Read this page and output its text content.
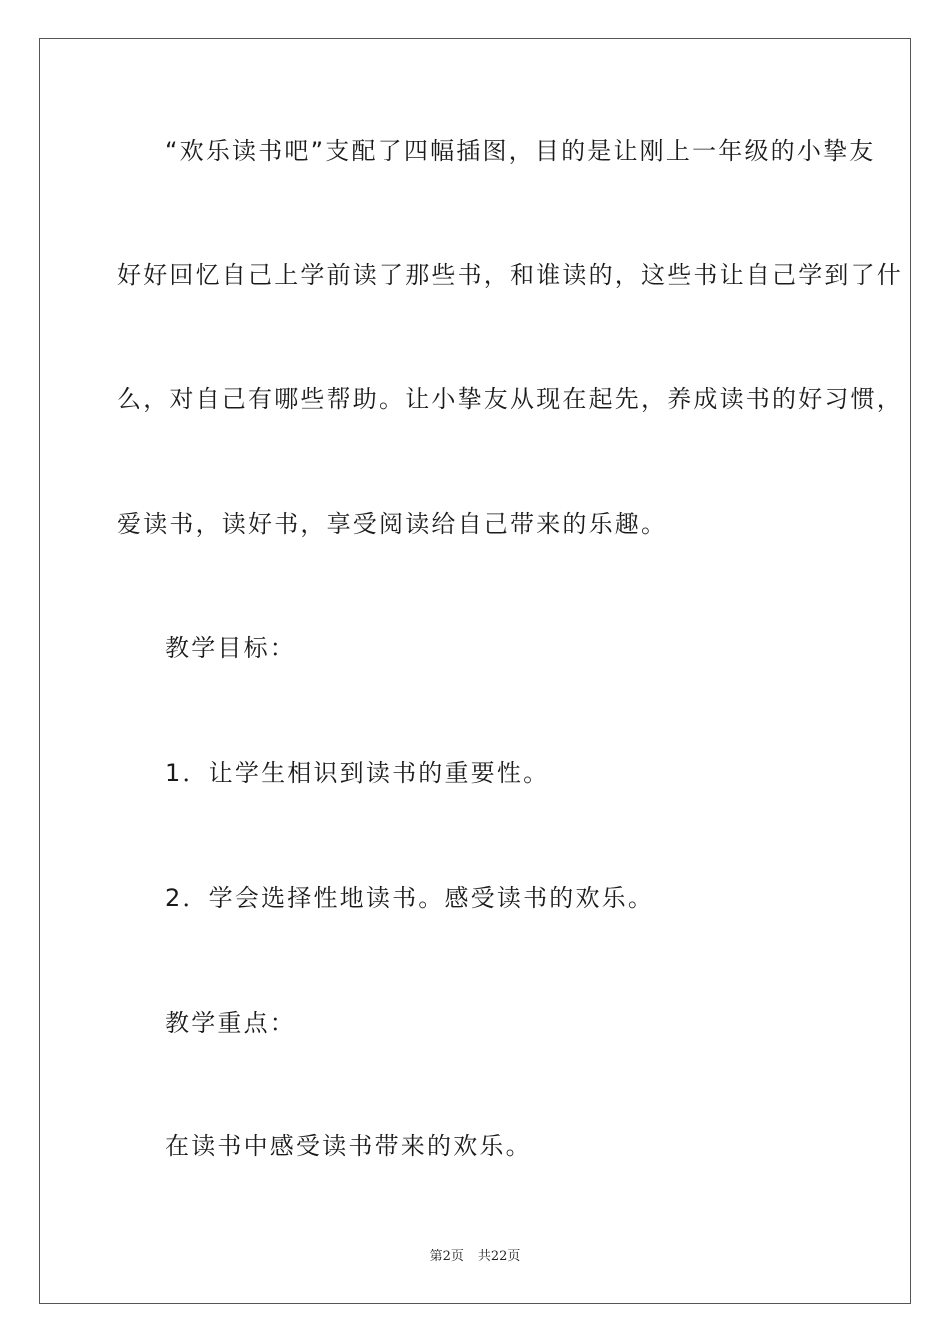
“欢乐读书吧”支配了四幅插图，目的是让刚上一年级的小挚友

好好回忆自己上学前读了那些书，和谁读的，这些书让自己学到了什

么，对自己有哪些帮助。让小挚友从现在起先，养成读书的好习惯，

爱读书，读好书，享受阅读给自己带来的乐趣。

教学目标：

1．让学生相识到读书的重要性。

2．学会选择性地读书。感受读书的欢乐。

教学重点：

在读书中感受读书带来的欢乐。

第2页 共22页
